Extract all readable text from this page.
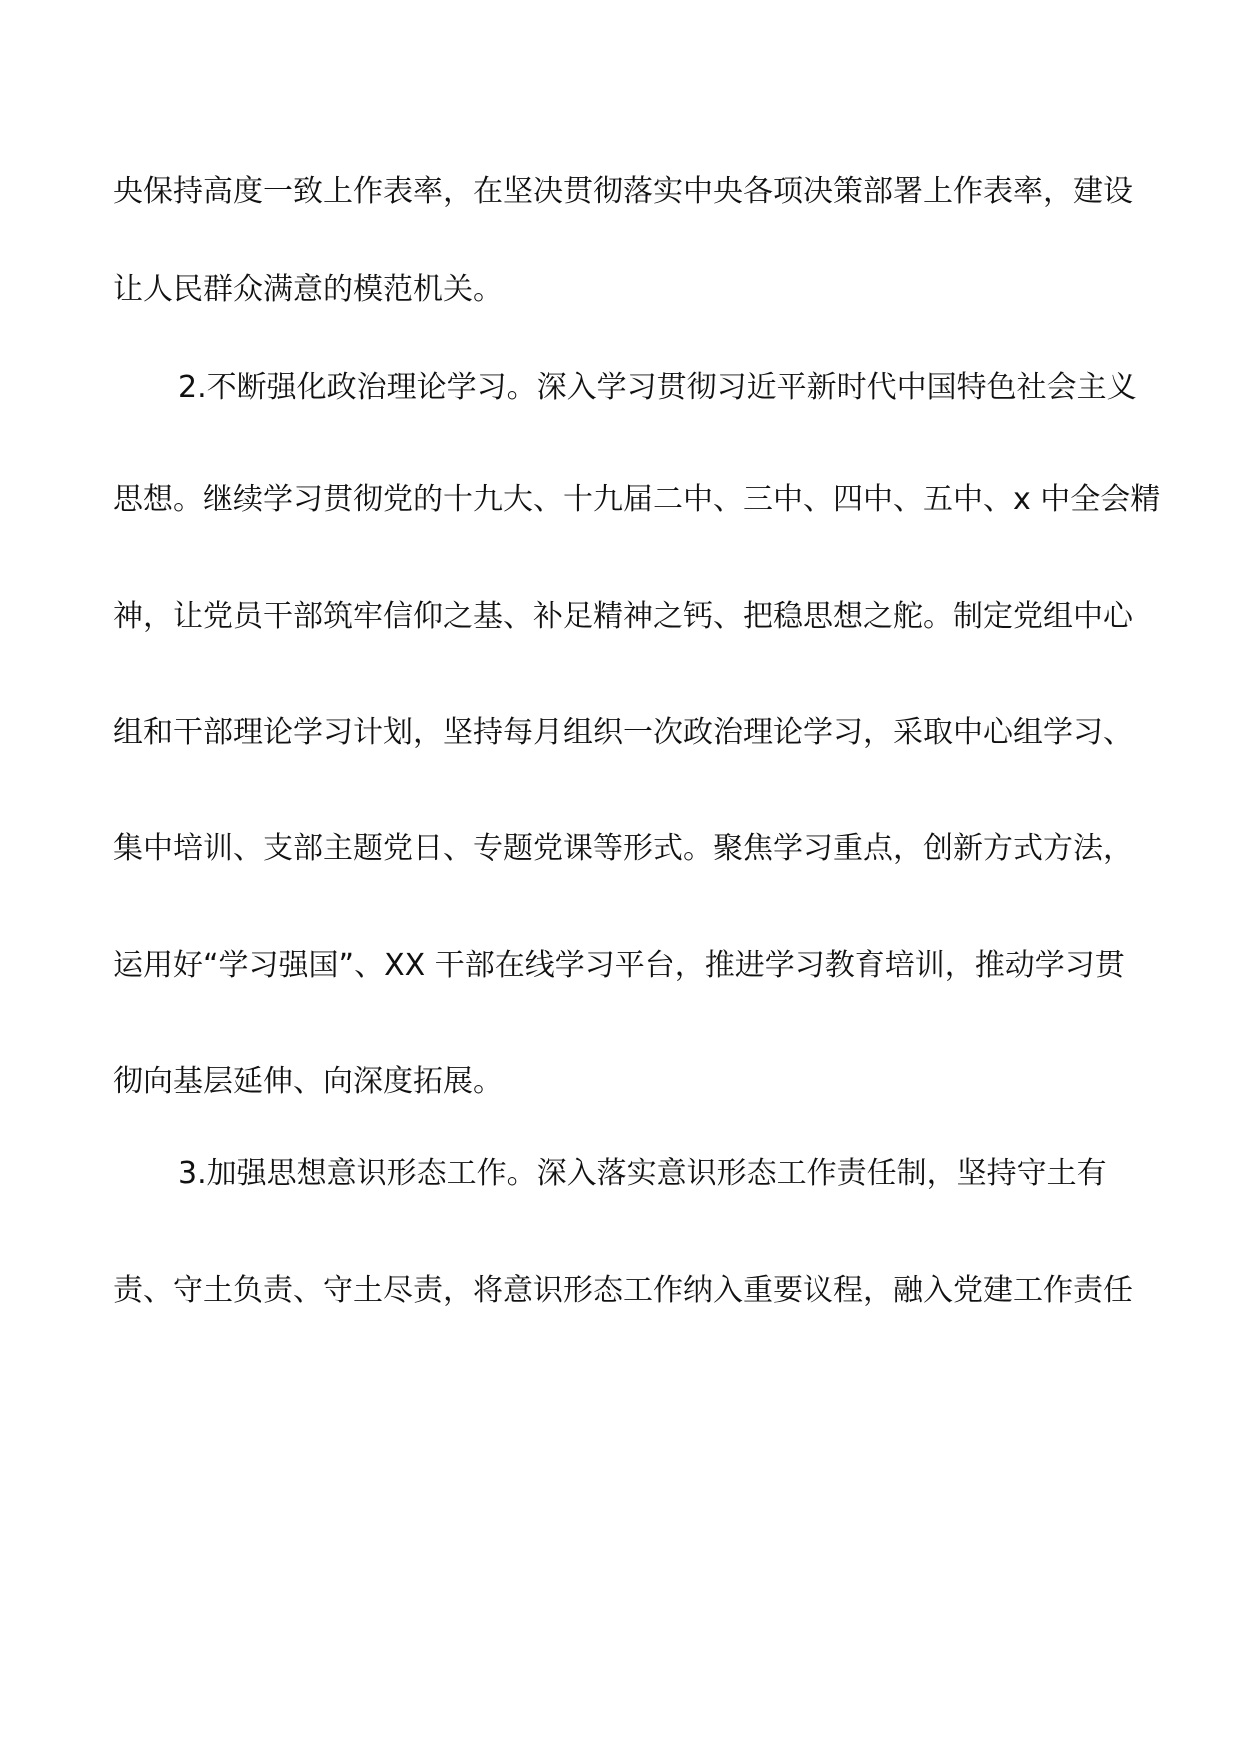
央保持高度一致上作表率，在坚决贯彻落实中央各项决策部署上作表率，建设
让人民群众满意的模范机关。
2.不断强化政治理论学习。深入学习贯彻习近平新时代中国特色社会主义
思想。继续学习贯彻党的十九大、十九届二中、三中、四中、五中、x 中全会精
神，让党员干部筑牢信仰之基、补足精神之钙、把稳思想之舵。制定党组中心
组和干部理论学习计划，坚持每月组织一次政治理论学习，采取中心组学习、
集中培训、支部主题党日、专题党课等形式。聚焦学习重点，创新方式方法，
运用好“学习强国”、XX 干部在线学习平台，推进学习教育培训，推动学习贯
彻向基层延伸、向深度拓展。
3.加强思想意识形态工作。深入落实意识形态工作责任制，坚持守土有
责、守土负责、守土尽责，将意识形态工作纳入重要议程，融入党建工作责任
